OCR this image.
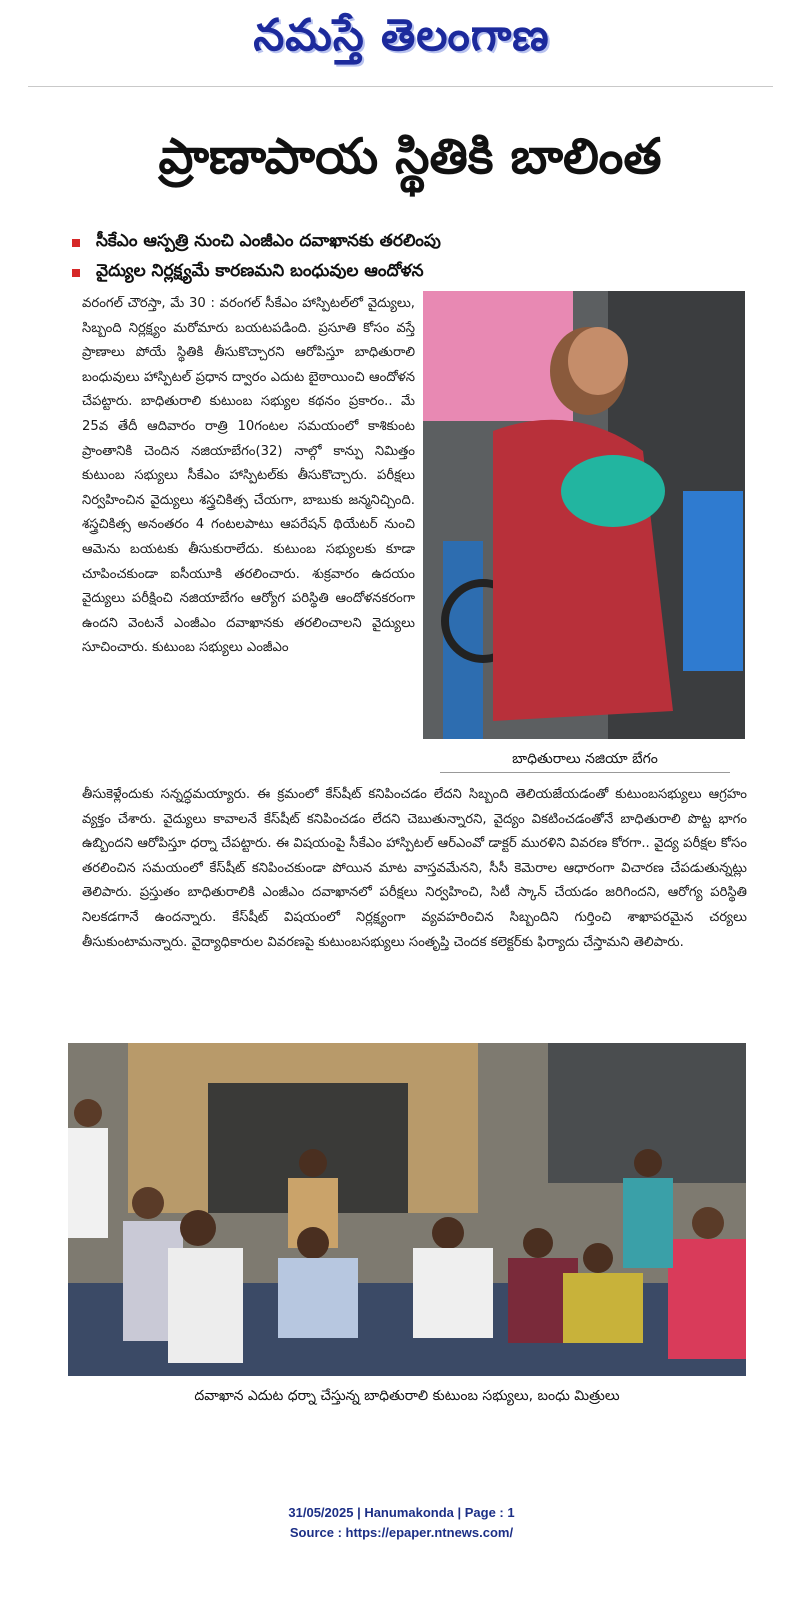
నమస్తే తెలంగాణ
ప్రాణాపాయ స్థితికి బాలింత
సీకేఎం ఆస్పత్రి నుంచి ఎంజీఎం దవాఖానకు తరలింపు
వైద్యుల నిర్లక్ష్యమే కారణమని బంధువుల ఆందోళన
వరంగల్ చౌరస్తా, మే 30 : వరంగల్ సీకేఎం హాస్పిటల్‌లో వైద్యులు, సిబ్బంది నిర్లక్ష్యం మరోమారు బయటపడింది. ప్రసూతి కోసం వస్తే ప్రాణాలు పోయే స్థితికి తీసుకొచ్చారని ఆరోపిస్తూ బాధితురాలి బంధువులు హాస్పిటల్ ప్రధాన ద్వారం ఎదుట బైఠాయించి ఆందోళన చేపట్టారు. బాధితురాలి కుటుంబ సభ్యుల కథనం ప్రకారం.. మే 25వ తేదీ ఆదివారం రాత్రి 10గంటల సమయంలో కాశికుంట ప్రాంతానికి చెందిన నజియాబేగం(32) నాల్గో కాన్పు నిమిత్తం కుటుంబ సభ్యులు సీకేఎం హాస్పిటల్‌కు తీసుకొచ్చారు. పరీక్షలు నిర్వహించిన వైద్యులు శస్త్రచికిత్స చేయగా, బాబుకు జన్మనిచ్చింది. శస్త్రచికిత్స అనంతరం 4 గంటలపాటు ఆపరేషన్ థియేటర్ నుంచి ఆమెను బయటకు తీసుకురాలేదు. కుటుంబ సభ్యులకు కూడా చూపించకుండా ఐసీయూకి తరలించారు. శుక్రవారం ఉదయం వైద్యులు పరీక్షించి నజియాబేగం ఆర్యోగ పరిస్థితి ఆందోళనకరంగా ఉందని వెంటనే ఎంజీఎం దవాఖానకు తరలించాలని వైద్యులు సూచించారు. కుటుంబ సభ్యులు ఎంజీఎం
బాధితురాలు నజియా బేగం
తీసుకెళ్లేందుకు సన్నద్ధమయ్యారు. ఈ క్రమంలో కేస్‌షీట్ కనిపించడం లేదని సిబ్బంది తెలియజేయడంతో కుటుంబసభ్యులు ఆగ్రహం వ్యక్తం చేశారు. వైద్యులు కావాలనే కేస్‌షీట్ కనిపించడం లేదని చెబుతున్నారని, వైద్యం వికటించడంతోనే బాధితురాలి పొట్ట భాగం ఉబ్బిందని ఆరోపిస్తూ ధర్నా చేపట్టారు. ఈ విషయంపై సీకేఎం హాస్పిటల్ ఆర్ఎంవో డాక్టర్ మురళిని వివరణ కోరగా.. వైద్య పరీక్షల కోసం తరలించిన సమయంలో కేస్‌షీట్ కనిపించకుండా పోయిన మాట వాస్తవమేనని, సీసీ కెమెరాల ఆధారంగా విచారణ చేపడుతున్నట్లు తెలిపారు. ప్రస్తుతం బాధితురాలికి ఎంజీఎం దవాఖానలో పరీక్షలు నిర్వహించి, సిటీ స్కాన్ చేయడం జరిగిందని, ఆరోగ్య పరిస్థితి నిలకడగానే ఉందన్నారు. కేస్‌షీట్ విషయంలో నిర్లక్ష్యంగా వ్యవహరించిన సిబ్బందిని గుర్తించి శాఖాపరమైన చర్యలు తీసుకుంటామన్నారు. వైద్యాధికారుల వివరణపై కుటుంబసభ్యులు సంతృప్తి చెందక కలెక్టర్‌కు ఫిర్యాదు చేస్తామని తెలిపారు.
దవాఖాన ఎదుట ధర్నా చేస్తున్న బాధితురాలి కుటుంబ సభ్యులు, బంధు మిత్రులు
31/05/2025 | Hanumakonda | Page : 1
Source : https://epaper.ntnews.com/
